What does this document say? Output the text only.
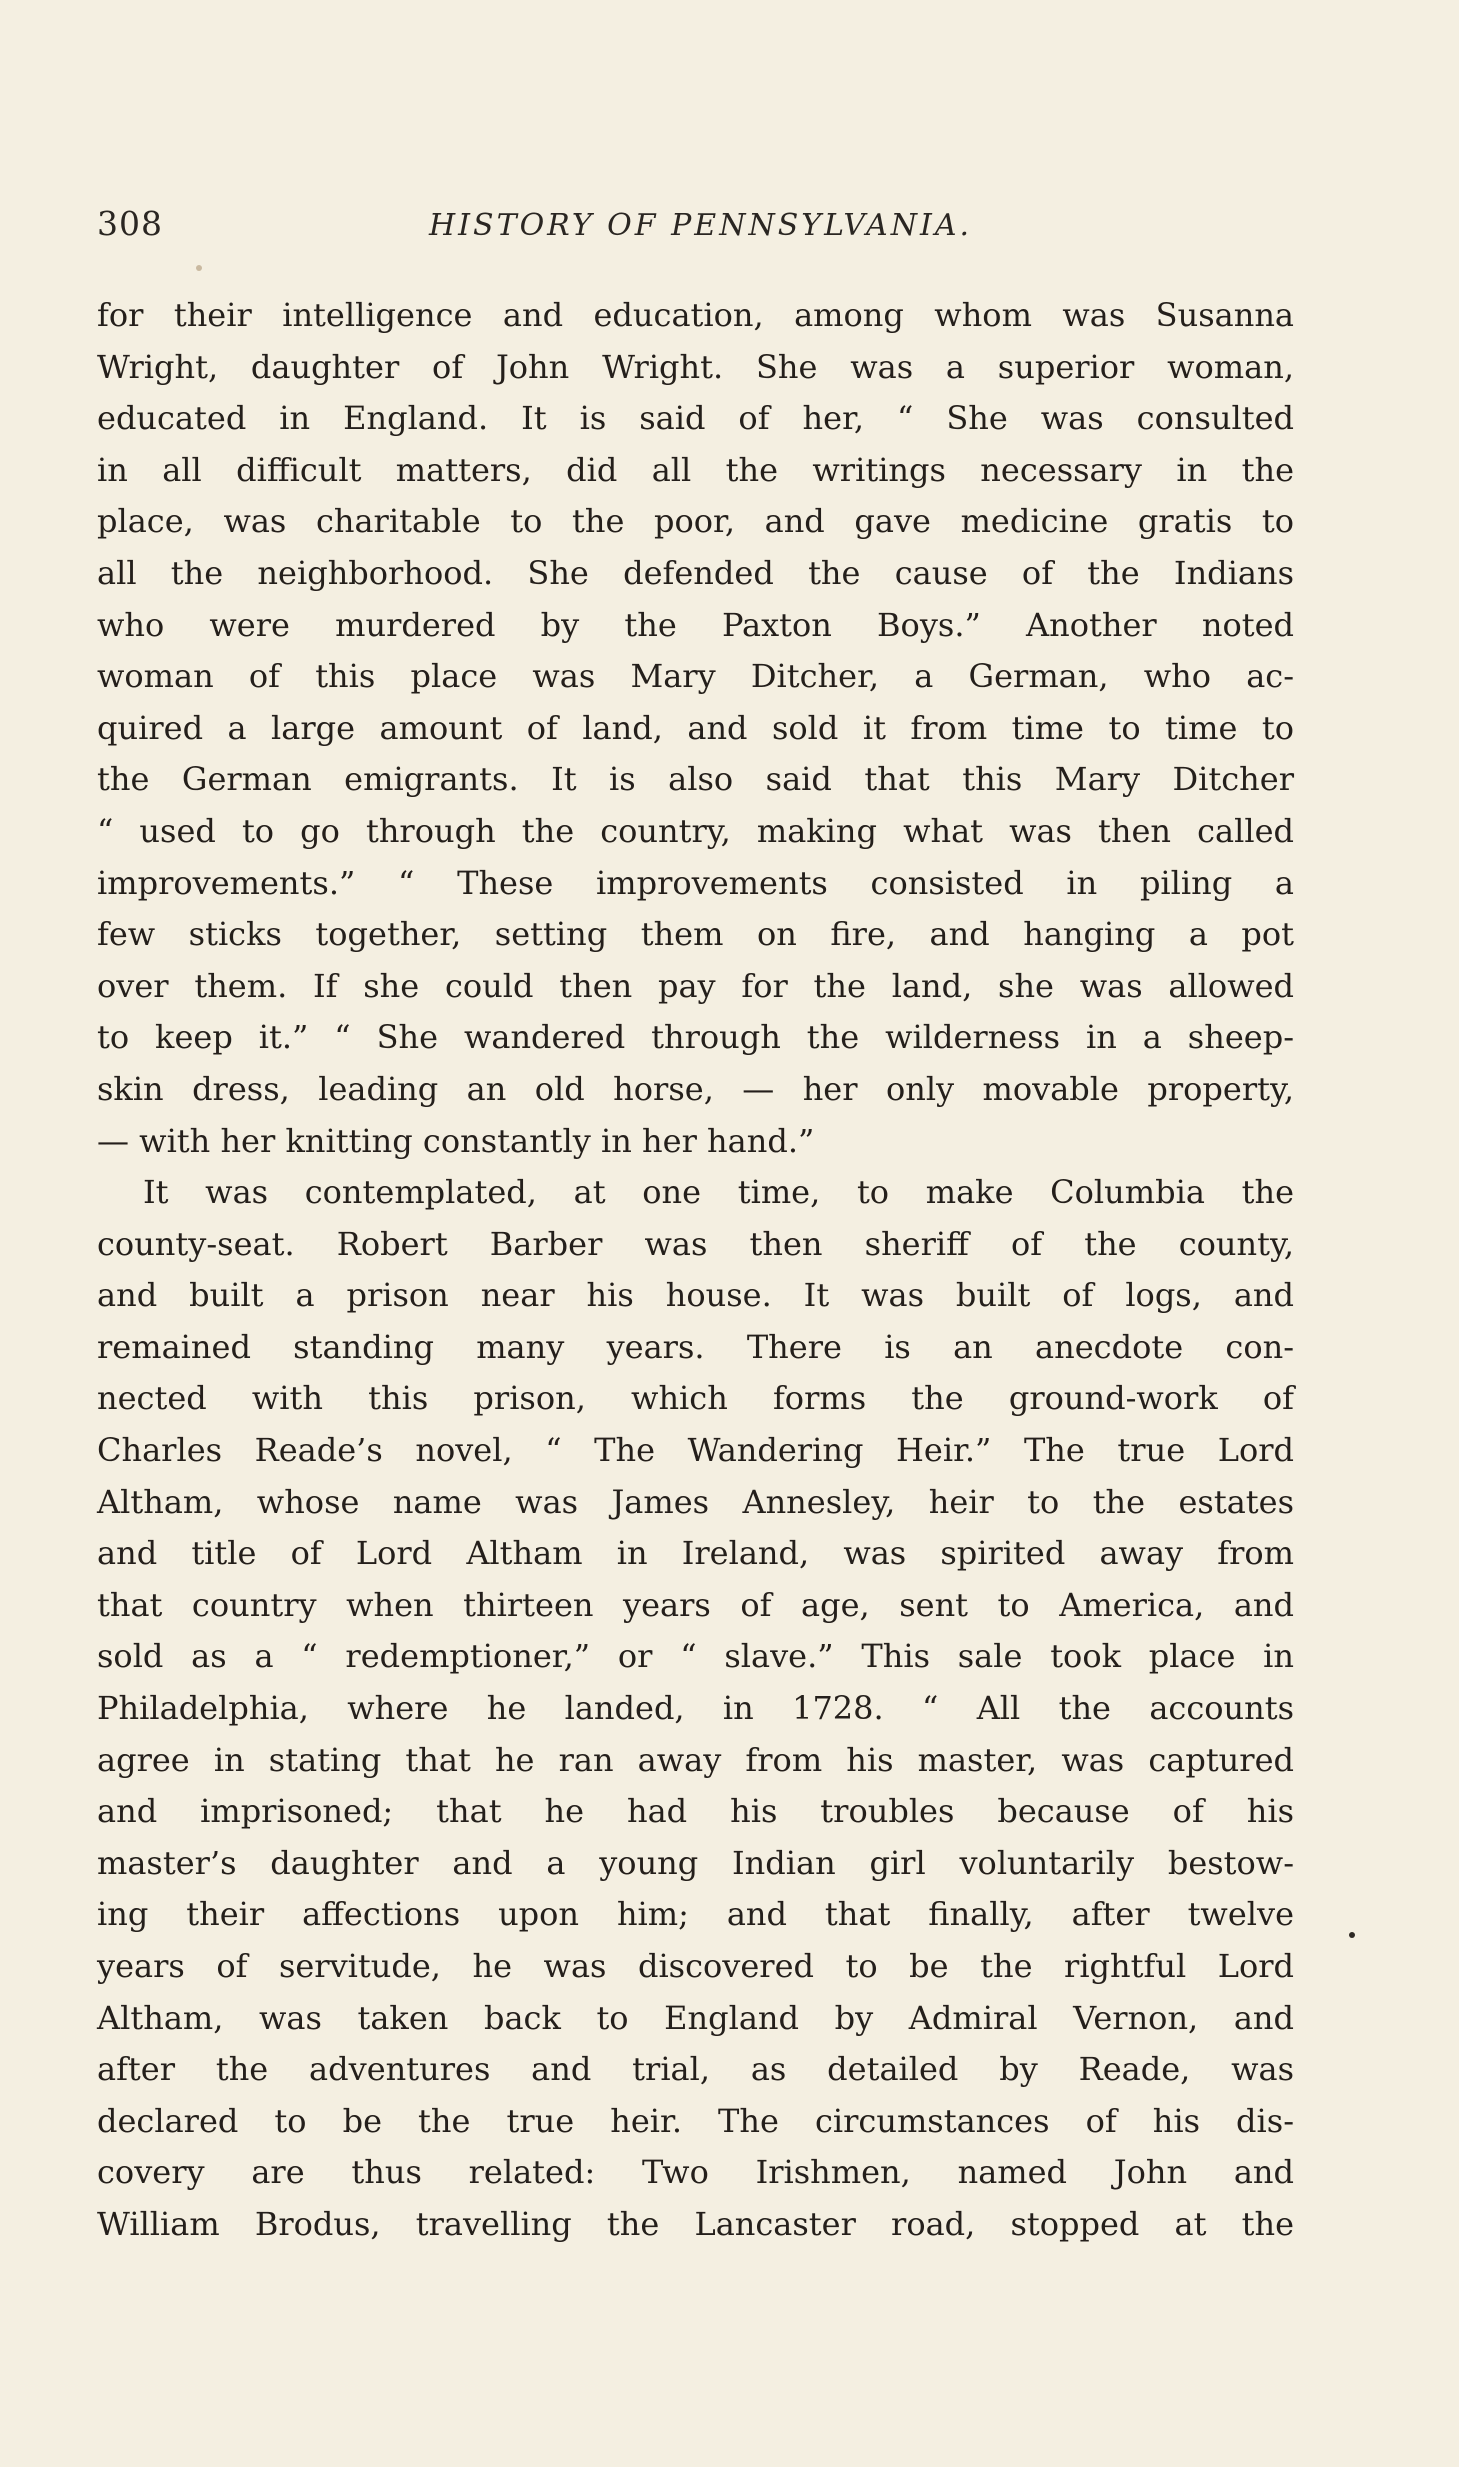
308	HISTORY OF PENNSYLVANIA.
for their intelligence and education, among whom was Susanna
Wright, daughter of John Wright. She was a superior woman,
educated in England. It is said of her, “ She was consulted
in all difficult matters, did all the writings necessary in the
place, was charitable to the poor, and gave medicine gratis to
all the neighborhood. She defended the cause of the Indians
who were murdered by the Paxton Boys.” Another noted
woman of this place was Mary Ditcher, a German, who ac-
quired a large amount of land, and sold it from time to time to
the German emigrants. It is also said that this Mary Ditcher
“ used to go through the country, making what was then called
improvements.” “ These improvements consisted in piling a
few sticks together, setting them on fire, and hanging a pot
over them. If she could then pay for the land, she was allowed
to keep it.” “ She wandered through the wilderness in a sheep-
skin dress, leading an old horse, — her only movable property,
— with her knitting constantly in her hand.”
It was contemplated, at one time, to make Columbia the
county-seat. Robert Barber was then sheriff of the county,
and built a prison near his house. It was built of logs, and
remained standing many years. There is an anecdote con-
nected with this prison, which forms the ground-work of
Charles Reade’s novel, “ The Wandering Heir.” The true Lord
Altham, whose name was James Annesley, heir to the estates
and title of Lord Altham in Ireland, was spirited away from
that country when thirteen years of age, sent to America, and
sold as a “ redemptioner,” or “ slave.” This sale took place in
Philadelphia, where he landed, in 1728. “ All the accounts
agree in stating that he ran away from his master, was captured
and imprisoned; that he had his troubles because of his
master’s daughter and a young Indian girl voluntarily bestow-
ing their affections upon him; and that finally, after twelve
years of servitude, he was discovered to be the rightful Lord
Altham, was taken back to England by Admiral Vernon, and
after the adventures and trial, as detailed by Reade, was
declared to be the true heir. The circumstances of his dis-
covery are thus related: Two Irishmen, named John and
William Brodus, travelling the Lancaster road, stopped at the
